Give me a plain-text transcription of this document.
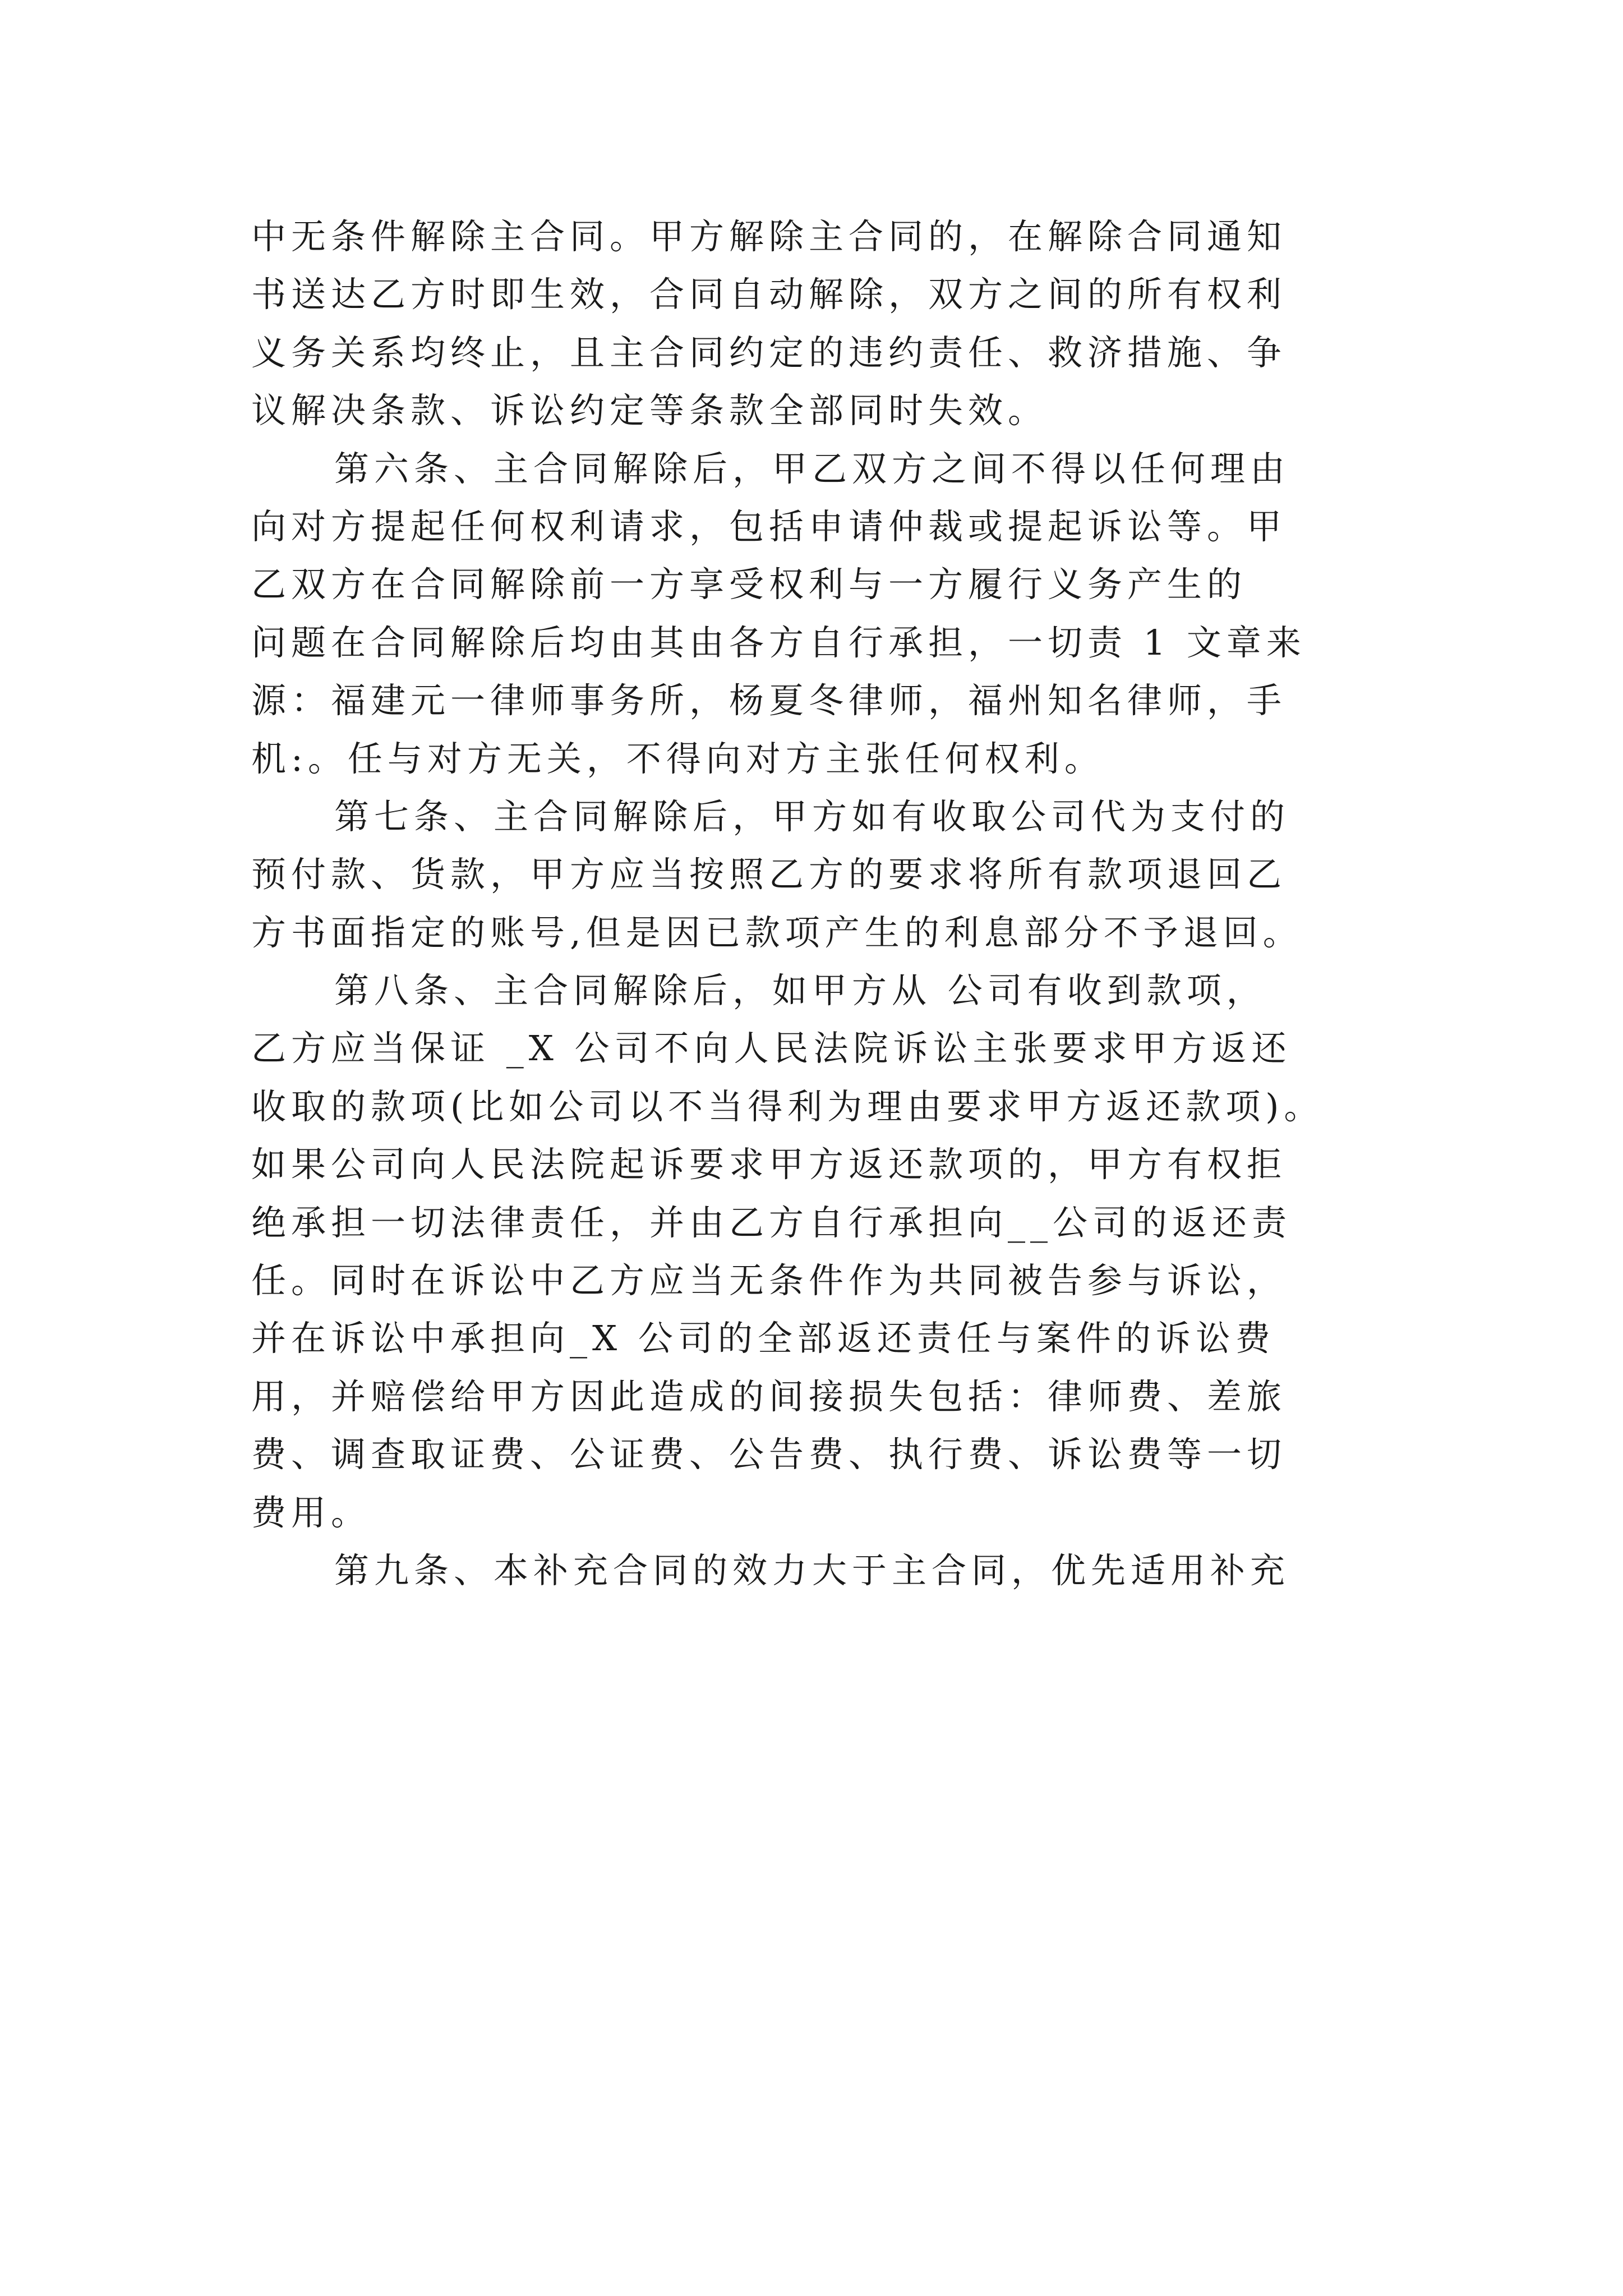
中无条件解除主合同。甲方解除主合同的，在解除合同通知
书送达乙方时即生效，合同自动解除，双方之间的所有权利
义务关系均终止，且主合同约定的违约责任、救济措施、争
议解决条款、诉讼约定等条款全部同时失效。
第六条、主合同解除后，甲乙双方之间不得以任何理由
向对方提起任何权利请求，包括申请仲裁或提起诉讼等。甲
乙双方在合同解除前一方享受权利与一方履行义务产生的
问题在合同解除后均由其由各方自行承担，一切责 1 文章来
源：福建元一律师事务所，杨夏冬律师，福州知名律师，手
机:。任与对方无关，不得向对方主张任何权利。
第七条、主合同解除后，甲方如有收取公司代为支付的
预付款、货款，甲方应当按照乙方的要求将所有款项退回乙
方书面指定的账号,但是因已款项产生的利息部分不予退回。
第八条、主合同解除后，如甲方从 公司有收到款项，
乙方应当保证 _X 公司不向人民法院诉讼主张要求甲方返还
收取的款项(比如公司以不当得利为理由要求甲方返还款项)。
如果公司向人民法院起诉要求甲方返还款项的，甲方有权拒
绝承担一切法律责任，并由乙方自行承担向__公司的返还责
任。同时在诉讼中乙方应当无条件作为共同被告参与诉讼，
并在诉讼中承担向_X 公司的全部返还责任与案件的诉讼费
用，并赔偿给甲方因此造成的间接损失包括：律师费、差旅
费、调查取证费、公证费、公告费、执行费、诉讼费等一切
费用。
第九条、本补充合同的效力大于主合同，优先适用补充
